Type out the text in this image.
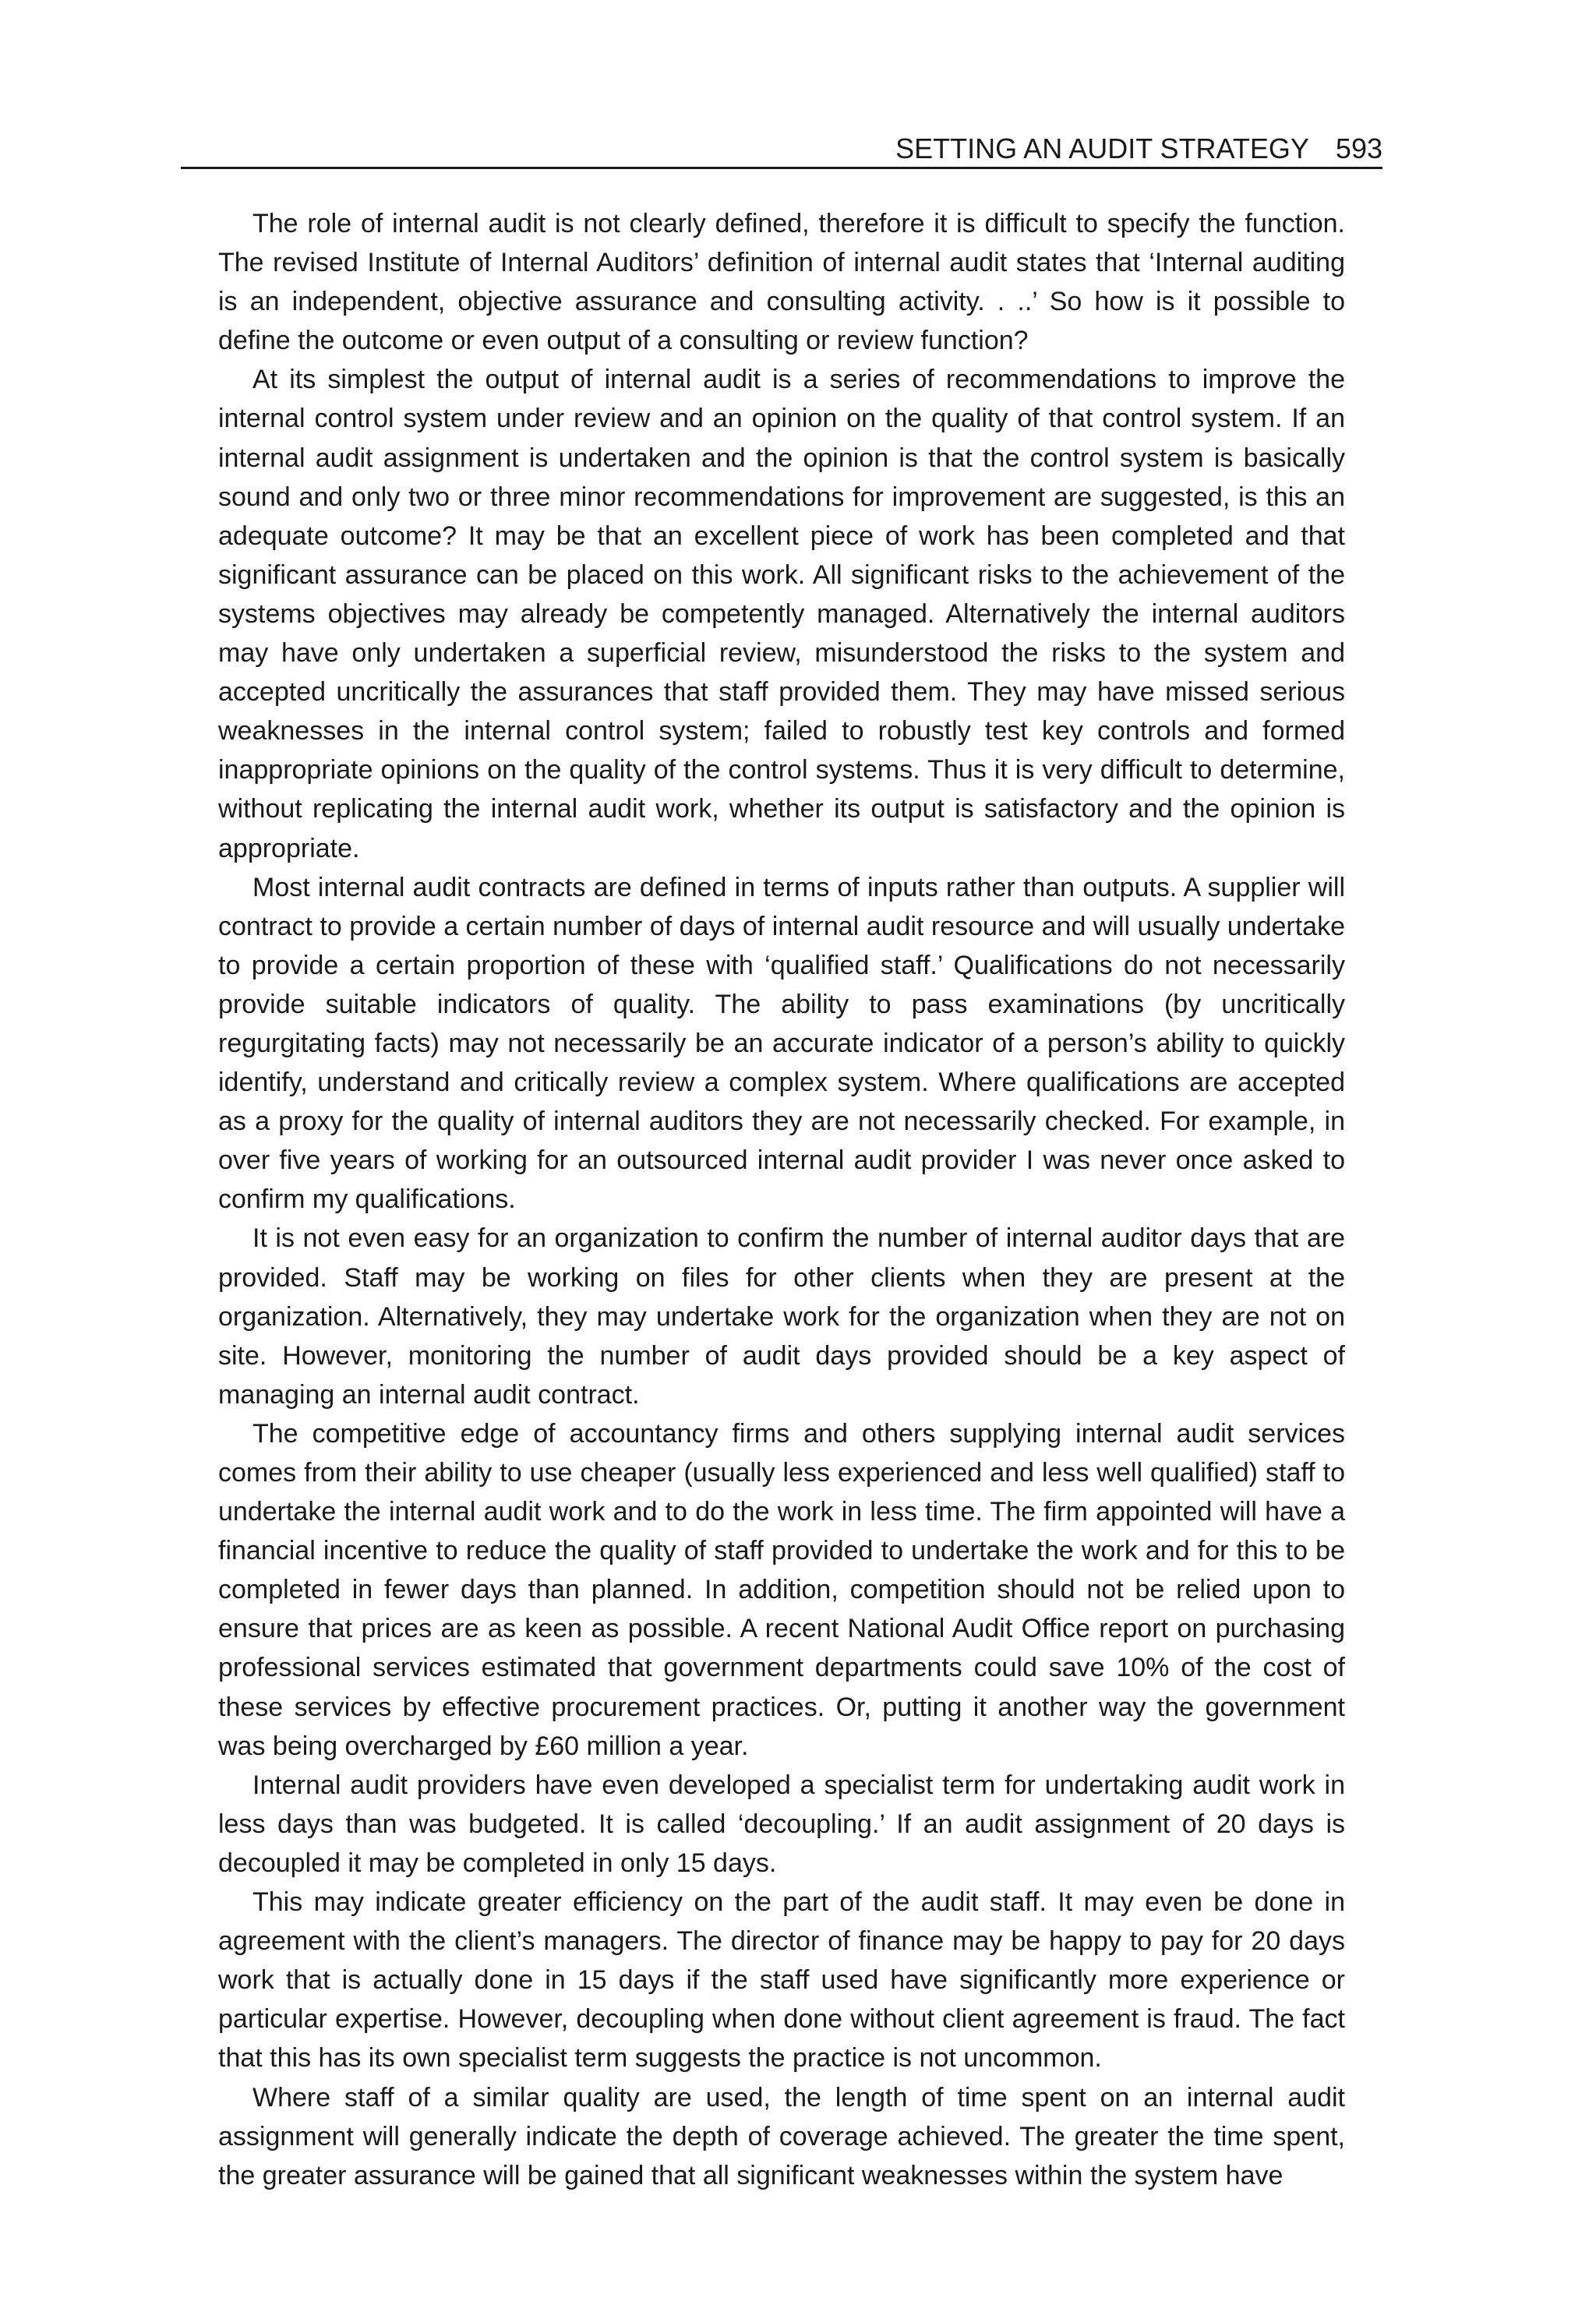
SETTING AN AUDIT STRATEGY 593

The role of internal audit is not clearly defined, therefore it is difficult to specify the function. The revised Institute of Internal Auditors’ definition of internal audit states that ‘Internal auditing is an independent, objective assurance and consulting activity. . ..’ So how is it possible to define the outcome or even output of a consulting or review function?

At its simplest the output of internal audit is a series of recommendations to improve the internal control system under review and an opinion on the quality of that control system. If an internal audit assignment is undertaken and the opinion is that the control system is basically sound and only two or three minor recommendations for improvement are suggested, is this an adequate outcome? It may be that an excellent piece of work has been completed and that significant assurance can be placed on this work. All significant risks to the achievement of the systems objectives may already be competently managed. Alternatively the internal auditors may have only undertaken a superficial review, misunderstood the risks to the system and accepted uncritically the assurances that staff provided them. They may have missed serious weaknesses in the internal control system; failed to robustly test key controls and formed inappropriate opinions on the quality of the control systems. Thus it is very difficult to determine, without replicating the internal audit work, whether its output is satisfactory and the opinion is appropriate.

Most internal audit contracts are defined in terms of inputs rather than outputs. A supplier will contract to provide a certain number of days of internal audit resource and will usually undertake to provide a certain proportion of these with ‘qualified staff.’ Qualifications do not necessarily provide suitable indicators of quality. The ability to pass examinations (by uncritically regurgitating facts) may not necessarily be an accurate indicator of a person’s ability to quickly identify, understand and critically review a complex system. Where qualifications are accepted as a proxy for the quality of internal auditors they are not necessarily checked. For example, in over five years of working for an outsourced internal audit provider I was never once asked to confirm my qualifications.

It is not even easy for an organization to confirm the number of internal auditor days that are provided. Staff may be working on files for other clients when they are present at the organization. Alternatively, they may undertake work for the organization when they are not on site. However, monitoring the number of audit days provided should be a key aspect of managing an internal audit contract.

The competitive edge of accountancy firms and others supplying internal audit services comes from their ability to use cheaper (usually less experienced and less well qualified) staff to undertake the internal audit work and to do the work in less time. The firm appointed will have a financial incentive to reduce the quality of staff provided to undertake the work and for this to be completed in fewer days than planned. In addition, competition should not be relied upon to ensure that prices are as keen as possible. A recent National Audit Office report on purchasing professional services estimated that government departments could save 10% of the cost of these services by effective procurement practices. Or, putting it another way the government was being overcharged by £60 million a year.

Internal audit providers have even developed a specialist term for undertaking audit work in less days than was budgeted. It is called ‘decoupling.’ If an audit assignment of 20 days is decoupled it may be completed in only 15 days.

This may indicate greater efficiency on the part of the audit staff. It may even be done in agreement with the client’s managers. The director of finance may be happy to pay for 20 days work that is actually done in 15 days if the staff used have significantly more experience or particular expertise. However, decoupling when done without client agreement is fraud. The fact that this has its own specialist term suggests the practice is not uncommon.

Where staff of a similar quality are used, the length of time spent on an internal audit assignment will generally indicate the depth of coverage achieved. The greater the time spent, the greater assurance will be gained that all significant weaknesses within the system have
